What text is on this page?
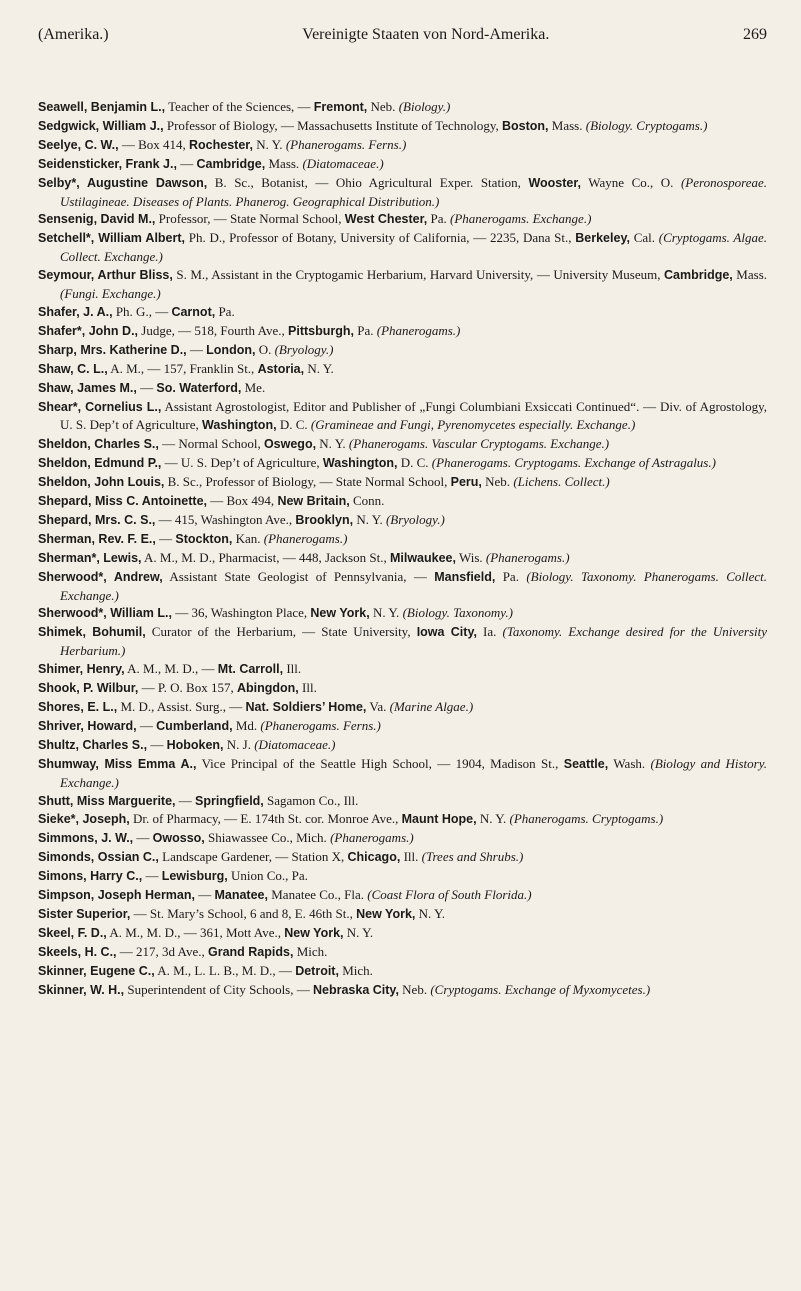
(Amerika.)	Vereinigte Staaten von Nord-Amerika.	269

Seawell, Benjamin L., Teacher of the Sciences, — Fremont, Neb. (Biology.)

Sedgwick, William J., Professor of Biology, — Massachusetts Institute of Technology, Boston, Mass. (Biology. Cryptogams.)

Seelye, C. W., — Box 414, Rochester, N. Y. (Phanerogams. Ferns.)

Seidensticker, Frank J., — Cambridge, Mass. (Diatomaceae.)

Selby*, Augustine Dawson, B. Sc., Botanist, — Ohio Agricultural Exper. Station, Wooster, Wayne Co., O. (Peronosporeae. Ustilagineae. Diseases of Plants. Phanerog. Geographical Distribution.)

Sensenig, David M., Professor, — State Normal School, West Chester, Pa. (Phanerogams. Exchange.)

Setchell*, William Albert, Ph. D., Professor of Botany, University of California, — 2235, Dana St., Berkeley, Cal. (Cryptogams. Algae. Collect. Exchange.)

Seymour, Arthur Bliss, S. M., Assistant in the Cryptogamic Herbarium, Harvard University, — University Museum, Cambridge, Mass. (Fungi. Exchange.)

Shafer, J. A., Ph. G., — Carnot, Pa.

Shafer*, John D., Judge, — 518, Fourth Ave., Pittsburgh, Pa. (Phanerogams.)

Sharp, Mrs. Katherine D., — London, O. (Bryology.)

Shaw, C. L., A. M., — 157, Franklin St., Astoria, N. Y.

Shaw, James M., — So. Waterford, Me.

Shear*, Cornelius L., Assistant Agrostologist, Editor and Publisher of „Fungi Columbiani Exsiccati Continued“. — Div. of Agrostology, U. S. Dep’t of Agriculture, Washington, D. C. (Gramineae and Fungi, Pyrenomycetes especially. Exchange.)

Sheldon, Charles S., — Normal School, Oswego, N. Y. (Phanerogams. Vascular Cryptogams. Exchange.)

Sheldon, Edmund P., — U. S. Dep’t of Agriculture, Washington, D. C. (Phanerogams. Cryptogams. Exchange of Astragalus.)

Sheldon, John Louis, B. Sc., Professor of Biology, — State Normal School, Peru, Neb. (Lichens. Collect.)

Shepard, Miss C. Antoinette, — Box 494, New Britain, Conn.

Shepard, Mrs. C. S., — 415, Washington Ave., Brooklyn, N. Y. (Bryology.)

Sherman, Rev. F. E., — Stockton, Kan. (Phanerogams.)

Sherman*, Lewis, A. M., M. D., Pharmacist, — 448, Jackson St., Milwaukee, Wis. (Phanerogams.)

Sherwood*, Andrew, Assistant State Geologist of Pennsylvania, — Mansfield, Pa. (Biology. Taxonomy. Phanerogams. Collect. Exchange.)

Sherwood*, William L., — 36, Washington Place, New York, N. Y. (Biology. Taxonomy.)

Shimek, Bohumil, Curator of the Herbarium, — State University, Iowa City, Ia. (Taxonomy. Exchange desired for the University Herbarium.)

Shimer, Henry, A. M., M. D., — Mt. Carroll, Ill.

Shook, P. Wilbur, — P. O. Box 157, Abingdon, Ill.

Shores, E. L., M. D., Assist. Surg., — Nat. Soldiers’ Home, Va. (Marine Algae.)

Shriver, Howard, — Cumberland, Md. (Phanerogams. Ferns.)

Shultz, Charles S., — Hoboken, N. J. (Diatomaceae.)

Shumway, Miss Emma A., Vice Principal of the Seattle High School, — 1904, Madison St., Seattle, Wash. (Biology and History. Exchange.)

Shutt, Miss Marguerite, — Springfield, Sagamon Co., Ill.

Sieke*, Joseph, Dr. of Pharmacy, — E. 174th St. cor. Monroe Ave., Maunt Hope, N. Y. (Phanerogams. Cryptogams.)

Simmons, J. W., — Owosso, Shiawassee Co., Mich. (Phanerogams.)

Simonds, Ossian C., Landscape Gardener, — Station X, Chicago, Ill. (Trees and Shrubs.)

Simons, Harry C., — Lewisburg, Union Co., Pa.

Simpson, Joseph Herman, — Manatee, Manatee Co., Fla. (Coast Flora of South Florida.)

Sister Superior, — St. Mary’s School, 6 and 8, E. 46th St., New York, N. Y.

Skeel, F. D., A. M., M. D., — 361, Mott Ave., New York, N. Y.

Skeels, H. C., — 217, 3d Ave., Grand Rapids, Mich.

Skinner, Eugene C., A. M., L. L. B., M. D., — Detroit, Mich.

Skinner, W. H., Superintendent of City Schools, — Nebraska City, Neb. (Cryptogams. Exchange of Myxomycetes.)
